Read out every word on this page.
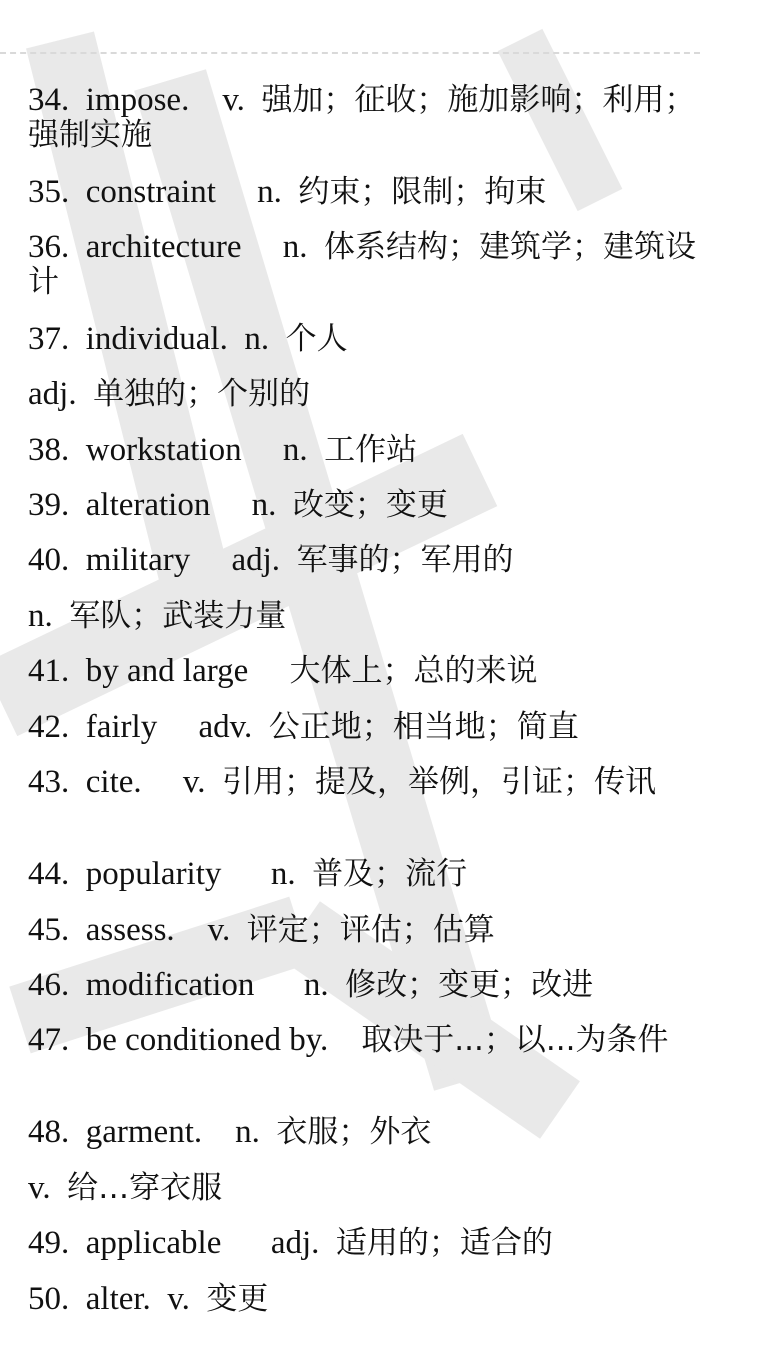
34. impose. v. 强加；征收；施加影响；利用；强制实施
35. constraint n. 约束；限制；拘束
36. architecture n. 体系结构；建筑学；建筑设计
37. individual. n. 个人
adj. 单独的；个别的
38. workstation n. 工作站
39. alteration n. 改变；变更
40. military adj. 军事的；军用的
n. 军队；武装力量
41. by and large 大体上；总的来说
42. fairly adv. 公正地；相当地；简直
43. cite. v. 引用；提及，举例，引证；传讯
44. popularity n. 普及；流行
45. assess. v. 评定；评估；估算
46. modification n. 修改；变更；改进
47. be conditioned by. 取决于...；以...为条件
48. garment. n. 衣服；外衣
v. 给…穿衣服
49. applicable adj. 适用的；适合的
50. alter. v. 变更
